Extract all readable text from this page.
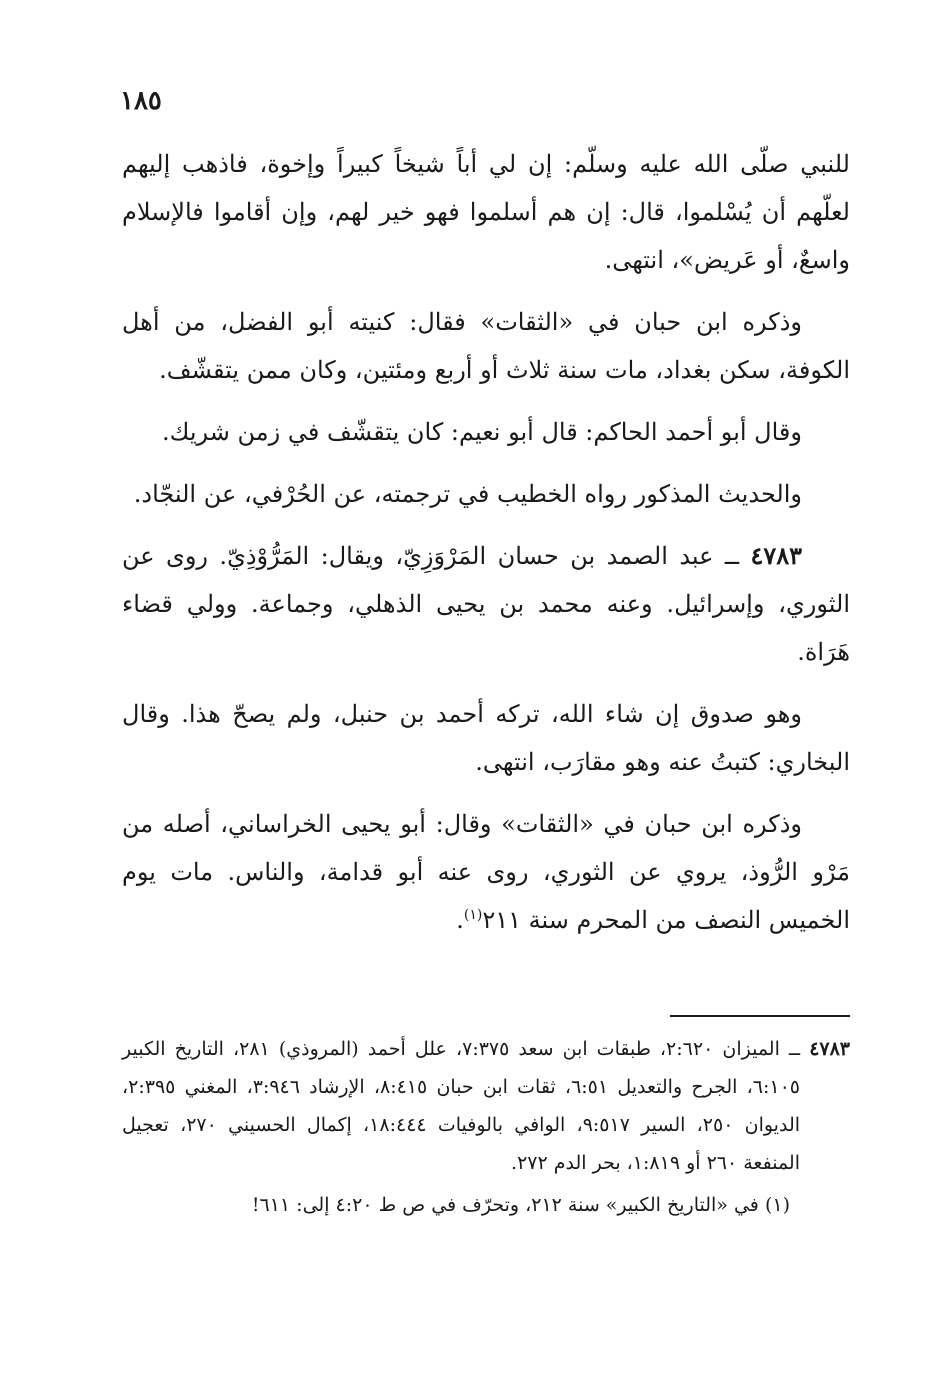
١٨٥

للنبي صلّى الله عليه وسلّم: إن لي أباً شيخاً كبيراً وإخوة، فاذهب إليهم لعلّهم أن يُسْلموا، قال: إن هم أسلموا فهو خير لهم، وإن أقاموا فالإسلام واسعٌ، أو عَريض»، انتهى.

وذكره ابن حبان في «الثقات» فقال: كنيته أبو الفضل، من أهل الكوفة، سكن بغداد، مات سنة ثلاث أو أربع ومئتين، وكان ممن يتقشّف.

وقال أبو أحمد الحاكم: قال أبو نعيم: كان يتقشّف في زمن شريك.

والحديث المذكور رواه الخطيب في ترجمته، عن الحُرْفي، عن النجّاد.

٤٧٨٣ ــ عبد الصمد بن حسان المَرْوَزِيّ، ويقال: المَرُّوْذِيّ. روى عن الثوري، وإسرائيل. وعنه محمد بن يحيى الذهلي، وجماعة. وولي قضاء هَرَاة.

وهو صدوق إن شاء الله، تركه أحمد بن حنبل، ولم يصحّ هذا. وقال البخاري: كتبتُ عنه وهو مقارَب، انتهى.

وذكره ابن حبان في «الثقات» وقال: أبو يحيى الخراساني، أصله من مَرْو الرُّوذ، يروي عن الثوري، روى عنه أبو قدامة، والناس. مات يوم الخميس النصف من المحرم سنة ٢١١$^{(١)}$.

٤٧٨٣ ــ الميزان ٢:٦٢٠، طبقات ابن سعد ٧:٣٧٥، علل أحمد (المروذي) ٢٨١، التاريخ الكبير ٦:١٠٥، الجرح والتعديل ٦:٥١، ثقات ابن حبان ٨:٤١٥، الإرشاد ٣:٩٤٦، المغني ٢:٣٩٥، الديوان ٢٥٠، السير ٩:٥١٧، الوافي بالوفيات ١٨:٤٤٤، إكمال الحسيني ٢٧٠، تعجيل المنفعة ٢٦٠ أو ١:٨١٩، بحر الدم ٢٧٢.

(١) في «التاريخ الكبير» سنة ٢١٢، وتحرّف في ص ط ٤:٢٠ إلى: ٦١١!
